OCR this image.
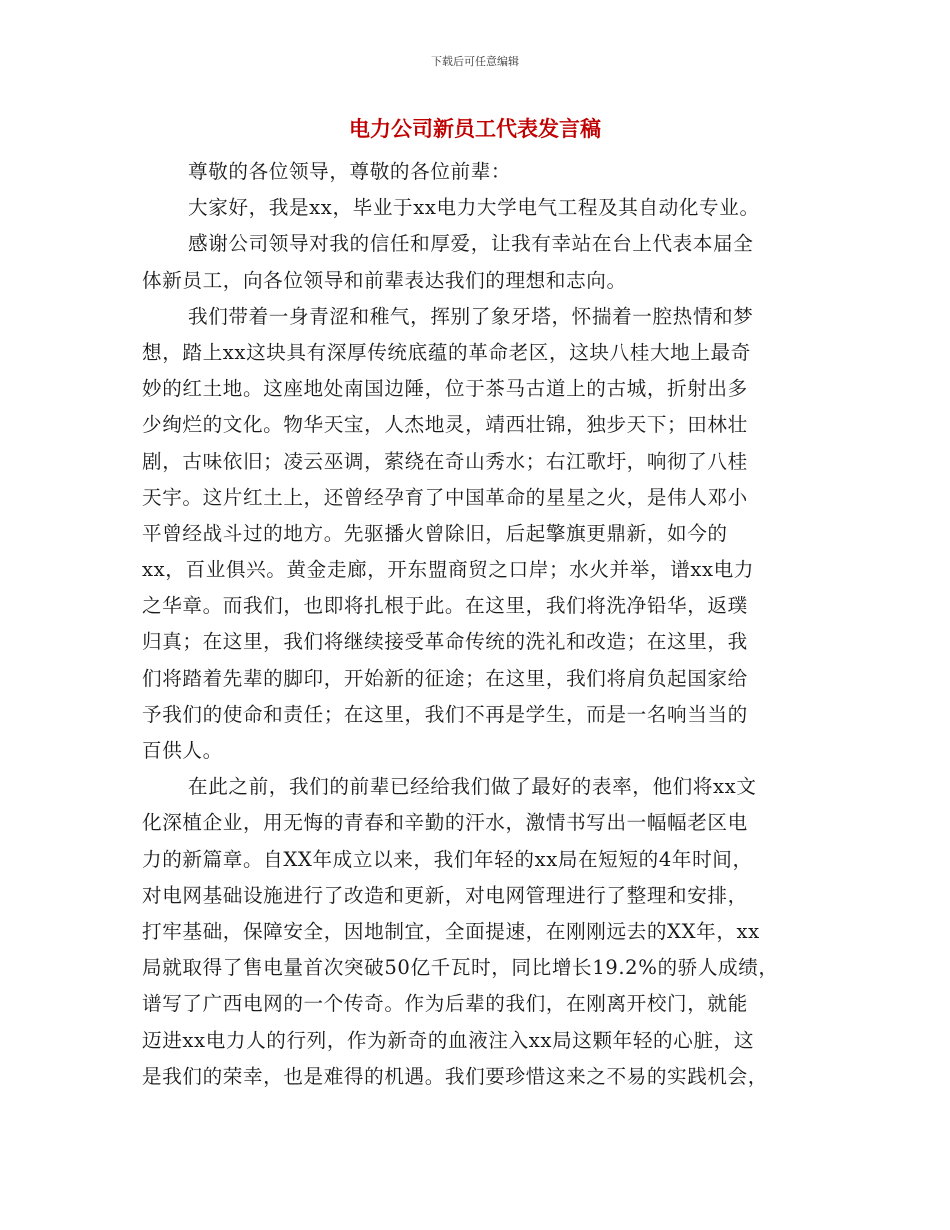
下载后可任意编辑
电力公司新员工代表发言稿
尊敬的各位领导，尊敬的各位前辈：
大家好，我是xx，毕业于xx电力大学电气工程及其自动化专业。
感谢公司领导对我的信任和厚爱，让我有幸站在台上代表本届全
体新员工，向各位领导和前辈表达我们的理想和志向。
我们带着一身青涩和稚气，挥别了象牙塔，怀揣着一腔热情和梦
想，踏上xx这块具有深厚传统底蕴的革命老区，这块八桂大地上最奇
妙的红土地。这座地处南国边陲，位于茶马古道上的古城，折射出多
少绚烂的文化。物华天宝，人杰地灵，靖西壮锦，独步天下；田林壮
剧，古味依旧；凌云巫调，萦绕在奇山秀水；右江歌圩，响彻了八桂
天宇。这片红土上，还曾经孕育了中国革命的星星之火，是伟人邓小
平曾经战斗过的地方。先驱播火曾除旧，后起擎旗更鼎新，如今的
xx，百业俱兴。黄金走廊，开东盟商贸之口岸；水火并举，谱xx电力
之华章。而我们，也即将扎根于此。在这里，我们将洗净铅华，返璞
归真；在这里，我们将继续接受革命传统的洗礼和改造；在这里，我
们将踏着先辈的脚印，开始新的征途；在这里，我们将肩负起国家给
予我们的使命和责任；在这里，我们不再是学生，而是一名响当当的
百供人。
在此之前，我们的前辈已经给我们做了最好的表率，他们将xx文
化深植企业，用无悔的青春和辛勤的汗水，激情书写出一幅幅老区电
力的新篇章。自XX年成立以来，我们年轻的xx局在短短的4年时间，
对电网基础设施进行了改造和更新，对电网管理进行了整理和安排，
打牢基础，保障安全，因地制宜，全面提速，在刚刚远去的XX年，xx
局就取得了售电量首次突破50亿千瓦时，同比增长19.2%的骄人成绩，
谱写了广西电网的一个传奇。作为后辈的我们，在刚离开校门，就能
迈进xx电力人的行列，作为新奇的血液注入xx局这颗年轻的心脏，这
是我们的荣幸，也是难得的机遇。我们要珍惜这来之不易的实践机会，
